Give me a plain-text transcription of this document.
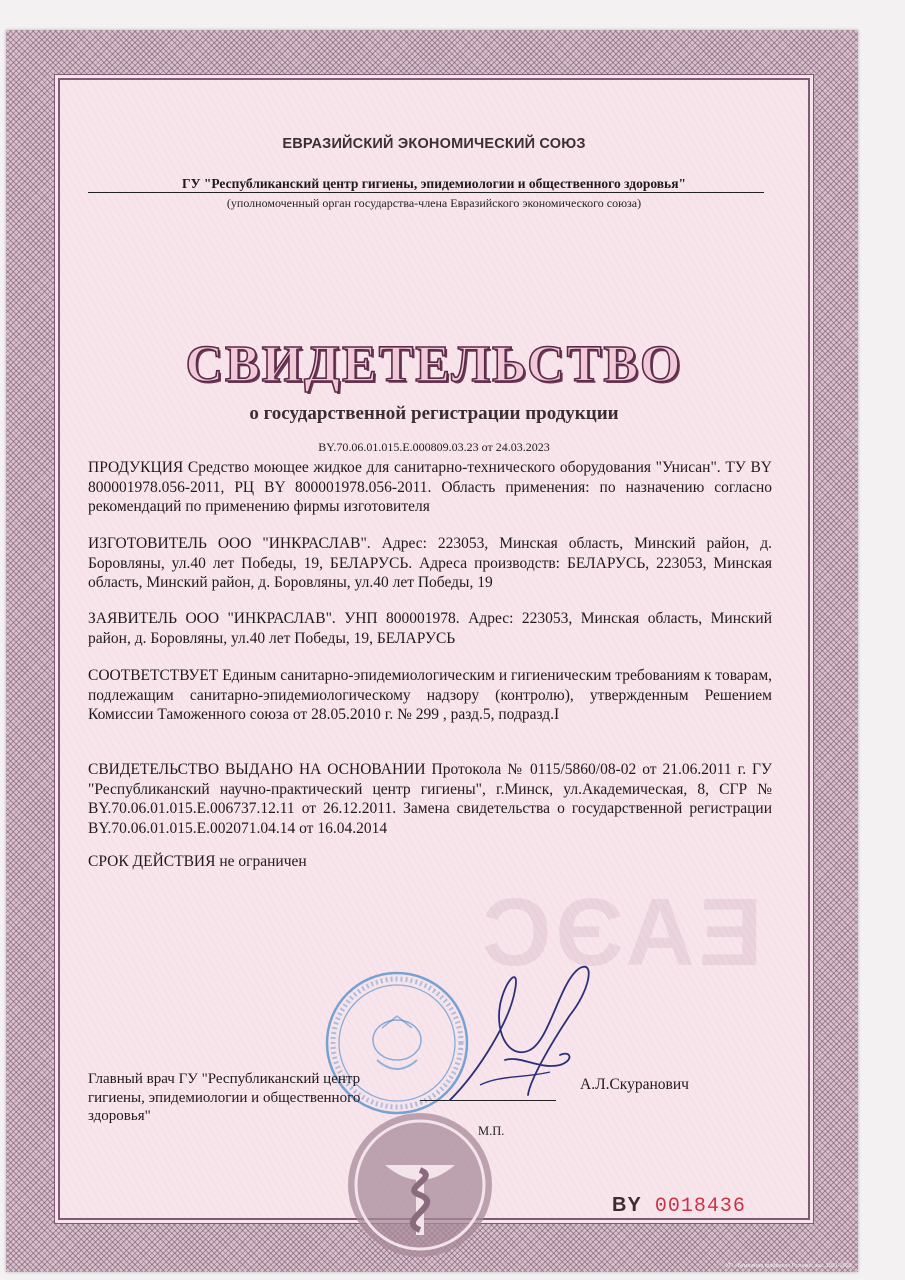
ЕВРАЗИЙСКИЙ ЭКОНОМИЧЕСКИЙ СОЮЗ
ГУ "Республиканский центр гигиены, эпидемиологии и общественного здоровья"
(уполномоченный орган государства-члена Евразийского экономического союза)
СВИДЕТЕЛЬСТВО
о государственной регистрации продукции
BY.70.06.01.015.E.000809.03.23 от 24.03.2023
ПРОДУКЦИЯ Средство моющее жидкое для санитарно-технического оборудования "Унисан". ТУ BY 800001978.056-2011, РЦ BY 800001978.056-2011. Область применения: по назначению согласно рекомендаций по применению фирмы изготовителя
ИЗГОТОВИТЕЛЬ ООО "ИНКРАСЛАВ". Адрес: 223053, Минская область, Минский район, д. Боровляны, ул.40 лет Победы, 19, БЕЛАРУСЬ. Адреса производств: БЕЛАРУСЬ, 223053, Минская область, Минский район, д. Боровляны, ул.40 лет Победы, 19
ЗАЯВИТЕЛЬ ООО "ИНКРАСЛАВ". УНП 800001978. Адрес: 223053, Минская область, Минский район, д. Боровляны, ул.40 лет Победы, 19, БЕЛАРУСЬ
СООТВЕТСТВУЕТ Единым санитарно-эпидемиологическим и гигиеническим требованиям к товарам, подлежащим санитарно-эпидемиологическому надзору (контролю), утвержденным Решением Комиссии Таможенного союза от 28.05.2010 г. № 299 , разд.5, подразд.I
СВИДЕТЕЛЬСТВО ВЫДАНО НА ОСНОВАНИИ Протокола № 0115/5860/08-02 от 21.06.2011 г. ГУ "Республиканский научно-практический центр гигиены", г.Минск, ул.Академическая, 8, СГР № BY.70.06.01.015.E.006737.12.11 от 26.12.2011. Замена свидетельства о государственной регистрации BY.70.06.01.015.E.002071.04.14 от 16.04.2014
СРОК ДЕЙСТВИЯ не ограничен
ЕАЭС
Главный врач ГУ "Республиканский центр гигиены, эпидемиологии и общественного здоровья"
А.Л.Скуранович
М.П.
BY 0018436
УП «Бумажная фабрика» Гознака, зак. 1931-2023
